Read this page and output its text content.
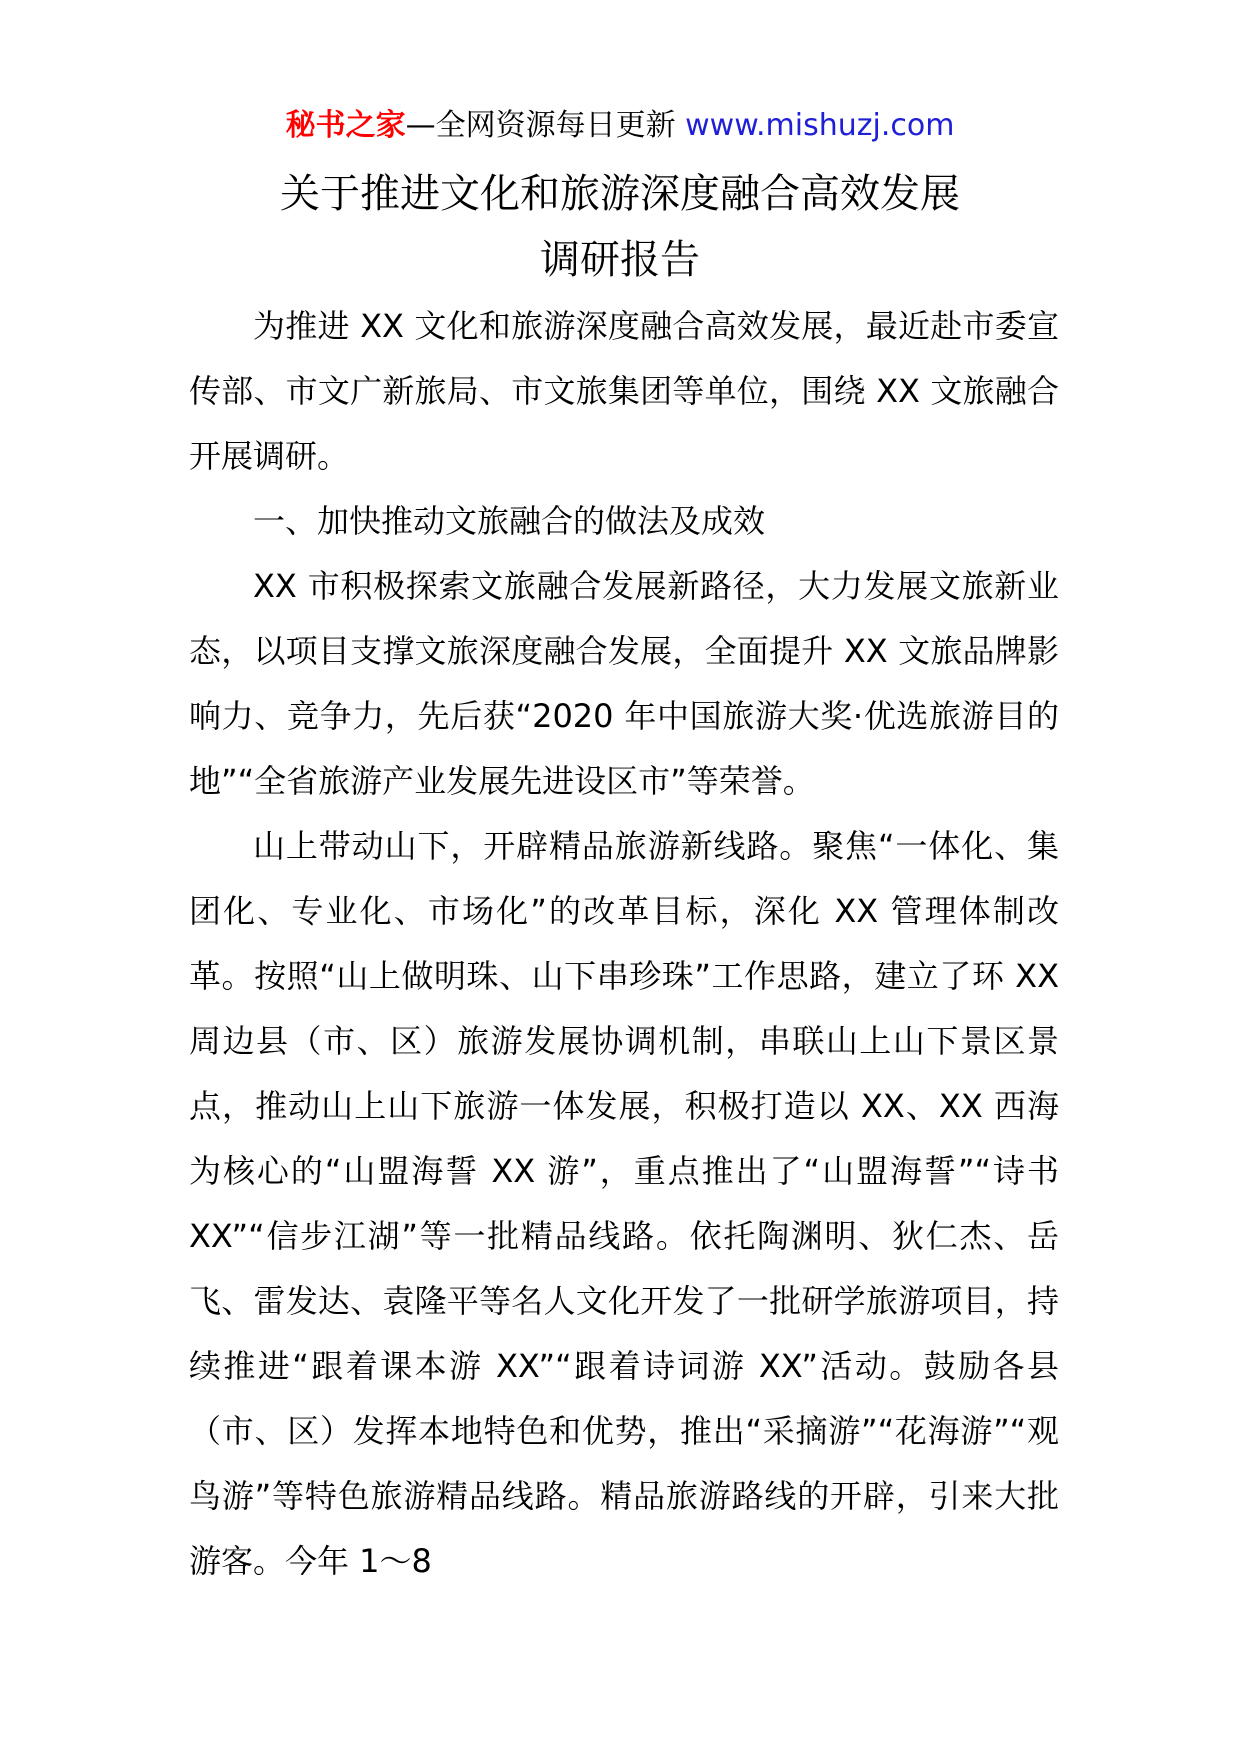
秘书之家—全网资源每日更新 www.mishuzj.com
关于推进文化和旅游深度融合高效发展
调研报告

为推进 XX 文化和旅游深度融合高效发展，最近赴市委宣传部、市文广新旅局、市文旅集团等单位，围绕 XX 文旅融合开展调研。

一、加快推动文旅融合的做法及成效

XX 市积极探索文旅融合发展新路径，大力发展文旅新业态，以项目支撑文旅深度融合发展，全面提升 XX 文旅品牌影响力、竞争力，先后获“2020 年中国旅游大奖·优选旅游目的地”“全省旅游产业发展先进设区市”等荣誉。

山上带动山下，开辟精品旅游新线路。聚焦“一体化、集团化、专业化、市场化”的改革目标，深化 XX 管理体制改革。按照“山上做明珠、山下串珍珠”工作思路，建立了环 XX 周边县（市、区）旅游发展协调机制，串联山上山下景区景点，推动山上山下旅游一体发展，积极打造以 XX、XX 西海为核心的“山盟海誓 XX 游”，重点推出了“山盟海誓”“诗书 XX”“信步江湖”等一批精品线路。依托陶渊明、狄仁杰、岳飞、雷发达、袁隆平等名人文化开发了一批研学旅游项目，持续推进“跟着课本游 XX”“跟着诗词游 XX”活动。鼓励各县（市、区）发挥本地特色和优势，推出“采摘游”“花海游”“观鸟游”等特色旅游精品线路。精品旅游路线的开辟，引来大批游客。今年 1～8
